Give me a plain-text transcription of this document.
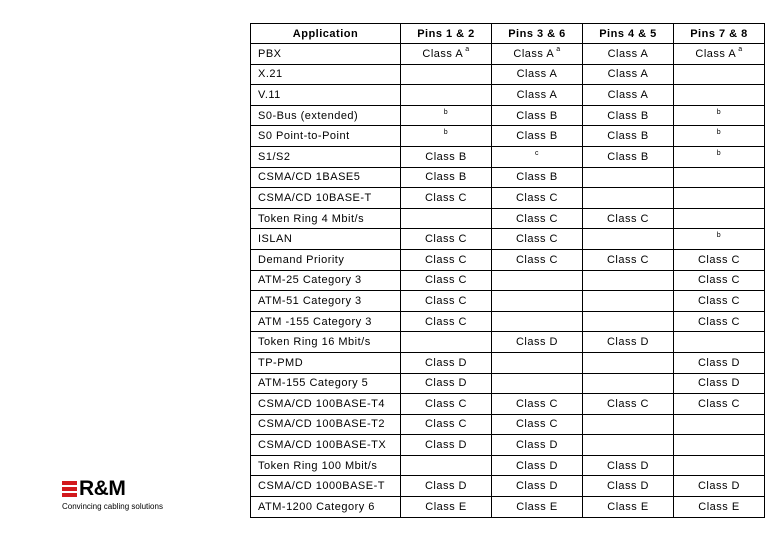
R&M
Convincing cabling solutions
Application	Pins 1 & 2	Pins 3 & 6	Pins 4 & 5	Pins 7 & 8
PBX	Class A $^a$	Class A $^a$	Class A	Class A $^a$
X.21		Class A	Class A	
V.11		Class A	Class A	
S0-Bus (extended)	$^b$	Class B	Class B	$^b$
S0 Point-to-Point	$^b$	Class B	Class B	$^b$
S1/S2	Class B	$^c$	Class B	$^b$
CSMA/CD 1BASE5	Class B	Class B		
CSMA/CD 10BASE-T	Class C	Class C		
Token Ring 4 Mbit/s		Class C	Class C	
ISLAN	Class C	Class C		$^b$
Demand Priority	Class C	Class C	Class C	Class C
ATM-25 Category 3	Class C			Class C
ATM-51 Category 3	Class C			Class C
ATM -155 Category 3	Class C			Class C
Token Ring 16 Mbit/s		Class D	Class D	
TP-PMD	Class D			Class D
ATM-155 Category 5	Class D			Class D
CSMA/CD 100BASE-T4	Class C	Class C	Class C	Class C
CSMA/CD 100BASE-T2	Class C	Class C		
CSMA/CD 100BASE-TX	Class D	Class D		
Token Ring 100 Mbit/s		Class D	Class D	
CSMA/CD 1000BASE-T	Class D	Class D	Class D	Class D
ATM-1200 Category 6	Class E	Class E	Class E	Class E
